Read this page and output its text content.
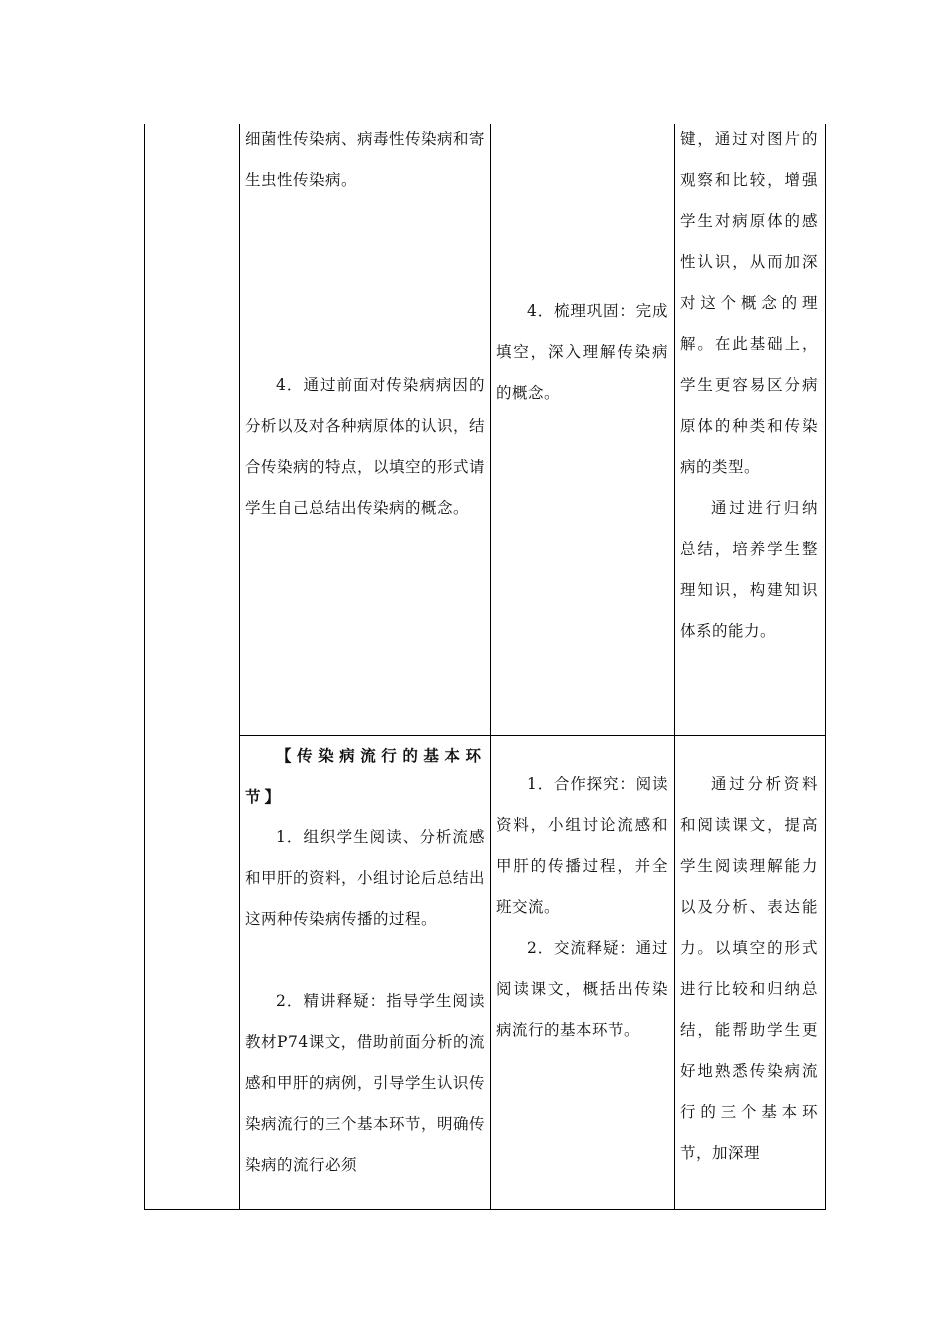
细菌性传染病、病毒性传染病和寄生虫性传染病。

4．通过前面对传染病病因的分析以及对各种病原体的认识，结合传染病的特点，以填空的形式请学生自己总结出传染病的概念。

4．梳理巩固：完成填空，深入理解传染病的概念。

键，通过对图片的观察和比较，增强学生对病原体的感性认识，从而加深对这个概念的理解。在此基础上，学生更容易区分病原体的种类和传染病的类型。

通过进行归纳总结，培养学生整理知识，构建知识体系的能力。

【传染病流行的基本环节】

1．组织学生阅读、分析流感和甲肝的资料，小组讨论后总结出这两种传染病传播的过程。

2．精讲释疑：指导学生阅读教材P74课文，借助前面分析的流感和甲肝的病例，引导学生认识传染病流行的三个基本环节，明确传染病的流行必须

1．合作探究：阅读资料，小组讨论流感和甲肝的传播过程，并全班交流。

2．交流释疑：通过阅读课文，概括出传染病流行的基本环节。

通过分析资料和阅读课文，提高学生阅读理解能力以及分析、表达能力。以填空的形式进行比较和归纳总结，能帮助学生更好地熟悉传染病流行的三个基本环节，加深理
